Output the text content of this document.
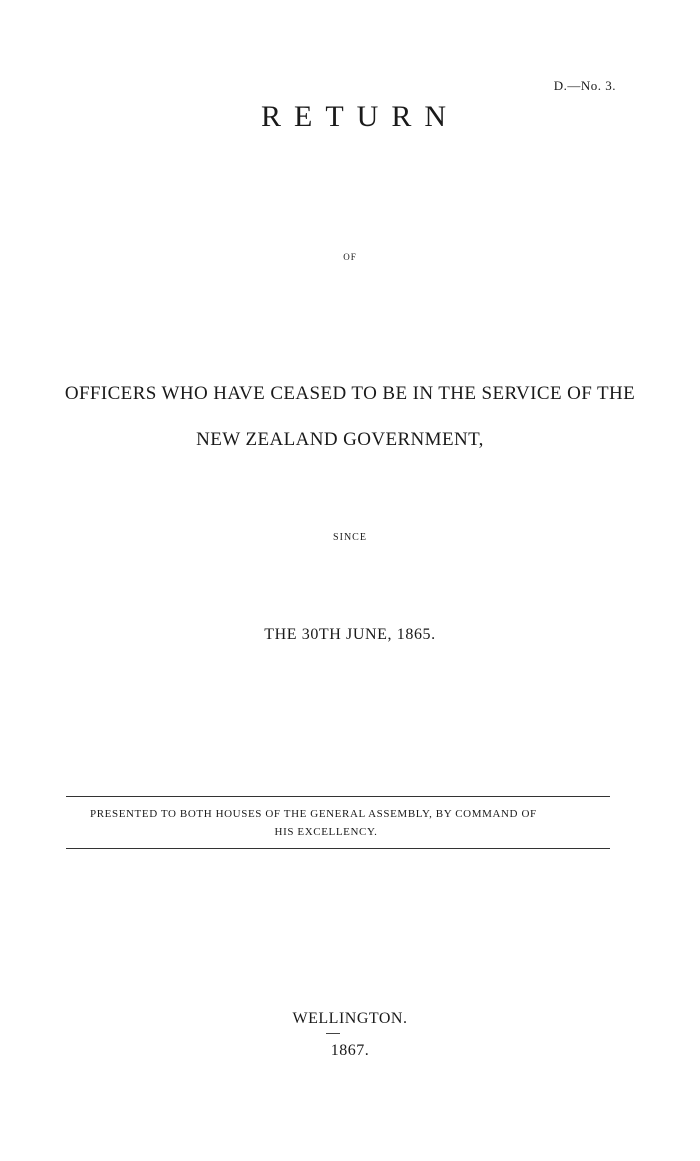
D.—No. 3.
RETURN
OF
OFFICERS WHO HAVE CEASED TO BE IN THE SERVICE OF THE
NEW ZEALAND GOVERNMENT,
SINCE
THE 30TH JUNE, 1865.
PRESENTED TO BOTH HOUSES OF THE GENERAL ASSEMBLY, BY COMMAND OF
HIS EXCELLENCY.
WELLINGTON.
1867.
